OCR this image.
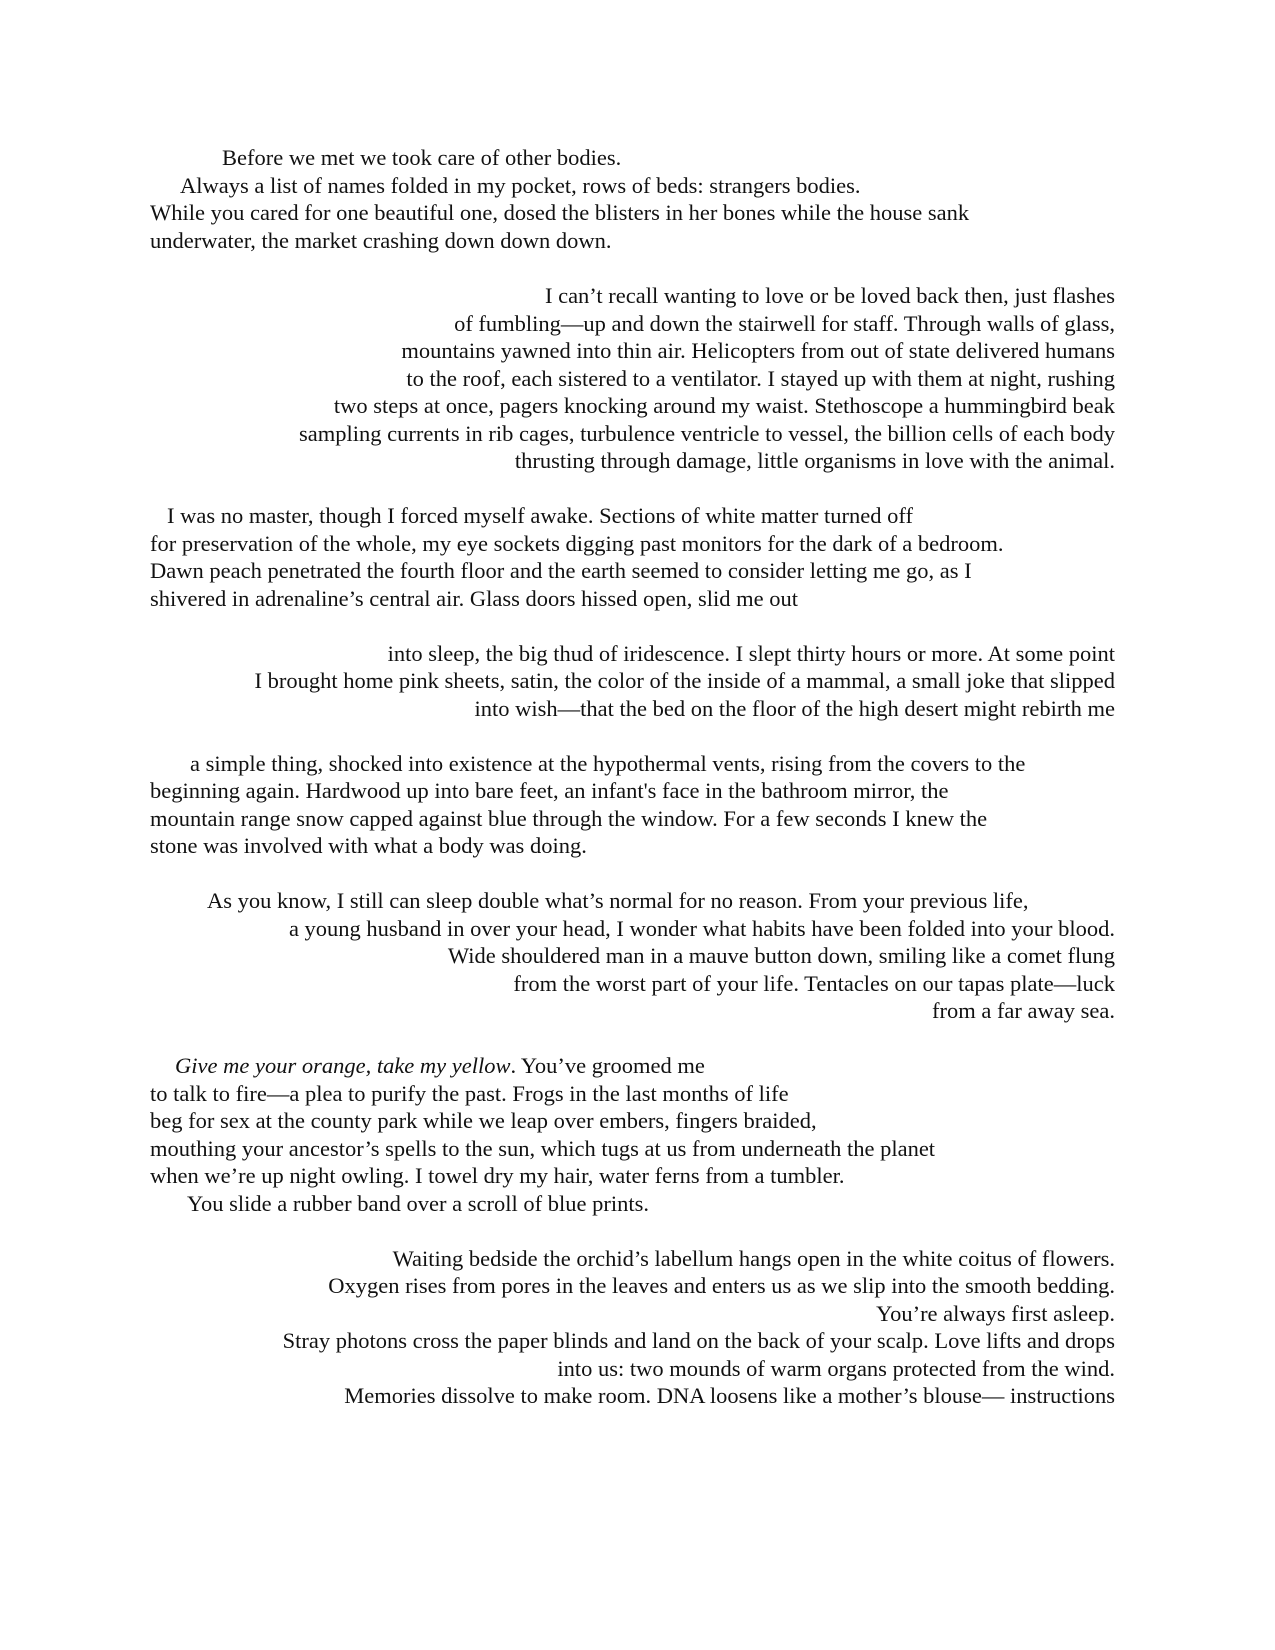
Before we met we took care of other bodies.

Always a list of names folded in my pocket, rows of beds: strangers bodies.

While you cared for one beautiful one, dosed the blisters in her bones while the house sank

underwater, the market crashing down down down.

I can’t recall wanting to love or be loved back then, just flashes

of fumbling—up and down the stairwell for staff. Through walls of glass,

mountains yawned into thin air. Helicopters from out of state delivered humans

to the roof, each sistered to a ventilator. I stayed up with them at night, rushing

two steps at once, pagers knocking around my waist. Stethoscope a hummingbird beak

sampling currents in rib cages, turbulence ventricle to vessel, the billion cells of each body

thrusting through damage, little organisms in love with the animal.

I was no master, though I forced myself awake. Sections of white matter turned off

for preservation of the whole, my eye sockets digging past monitors for the dark of a bedroom.

Dawn peach penetrated the fourth floor and the earth seemed to consider letting me go, as I

shivered in adrenaline’s central air. Glass doors hissed open, slid me out

into sleep, the big thud of iridescence. I slept thirty hours or more. At some point

I brought home pink sheets, satin, the color of the inside of a mammal, a small joke that slipped

into wish—that the bed on the floor of the high desert might rebirth me

a simple thing, shocked into existence at the hypothermal vents, rising from the covers to the

beginning again. Hardwood up into bare feet, an infant's face in the bathroom mirror, the

mountain range snow capped against blue through the window. For a few seconds I knew the

stone was involved with what a body was doing.

As you know, I still can sleep double what’s normal for no reason. From your previous life,

a young husband in over your head, I wonder what habits have been folded into your blood.

Wide shouldered man in a mauve button down, smiling like a comet flung

from the worst part of your life. Tentacles on our tapas plate—luck

from a far away sea.

Give me your orange, take my yellow. You’ve groomed me

to talk to fire—a plea to purify the past. Frogs in the last months of life

beg for sex at the county park while we leap over embers, fingers braided,

mouthing your ancestor’s spells to the sun, which tugs at us from underneath the planet

when we’re up night owling. I towel dry my hair, water ferns from a tumbler.

You slide a rubber band over a scroll of blue prints.

Waiting bedside the orchid’s labellum hangs open in the white coitus of flowers.

Oxygen rises from pores in the leaves and enters us as we slip into the smooth bedding.

You’re always first asleep.

Stray photons cross the paper blinds and land on the back of your scalp. Love lifts and drops

into us: two mounds of warm organs protected from the wind.

Memories dissolve to make room. DNA loosens like a mother’s blouse— instructions
